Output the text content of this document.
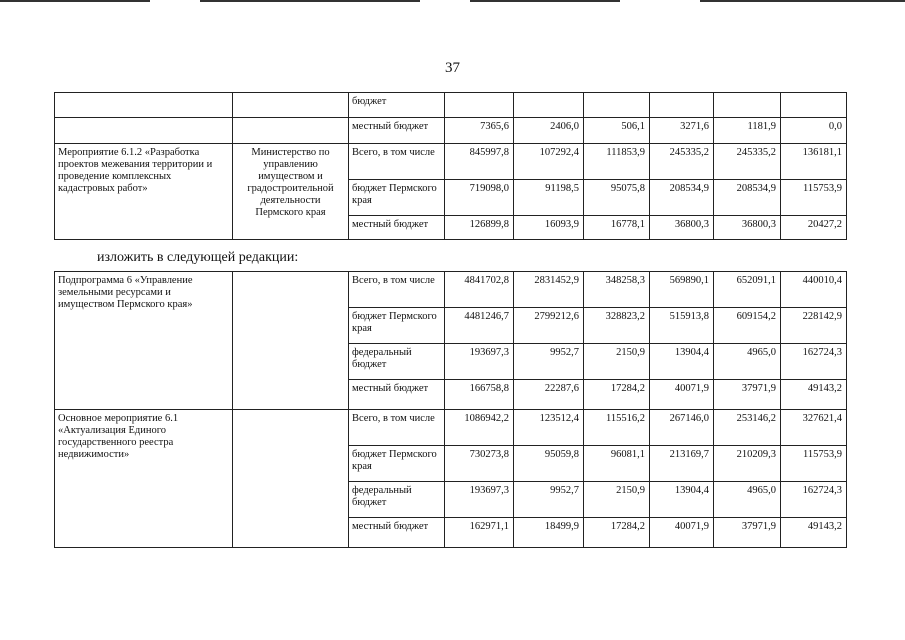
37
		бюджет						
		местный бюджет	7365,6	2406,0	506,1	3271,6	1181,9	0,0
Мероприятие 6.1.2 «Разработка проектов межевания территории и проведение комплексных кадастровых работ»	Министерство по управлению имуществом и градостроительной деятельности Пермского края	Всего, в том числе	845997,8	107292,4	111853,9	245335,2	245335,2	136181,1
		бюджет Пермского края	719098,0	91198,5	95075,8	208534,9	208534,9	115753,9
		местный бюджет	126899,8	16093,9	16778,1	36800,3	36800,3	20427,2
изложить в следующей редакции:
Подпрограмма 6 «Управление земельными ресурсами и имуществом Пермского края»		Всего, в том числе	4841702,8	2831452,9	348258,3	569890,1	652091,1	440010,4
		бюджет Пермского края	4481246,7	2799212,6	328823,2	515913,8	609154,2	228142,9
		федеральный бюджет	193697,3	9952,7	2150,9	13904,4	4965,0	162724,3
		местный бюджет	166758,8	22287,6	17284,2	40071,9	37971,9	49143,2
Основное мероприятие 6.1 «Актуализация Единого государственного реестра недвижимости»		Всего, в том числе	1086942,2	123512,4	115516,2	267146,0	253146,2	327621,4
		бюджет Пермского края	730273,8	95059,8	96081,1	213169,7	210209,3	115753,9
		федеральный бюджет	193697,3	9952,7	2150,9	13904,4	4965,0	162724,3
		местный бюджет	162971,1	18499,9	17284,2	40071,9	37971,9	49143,2
